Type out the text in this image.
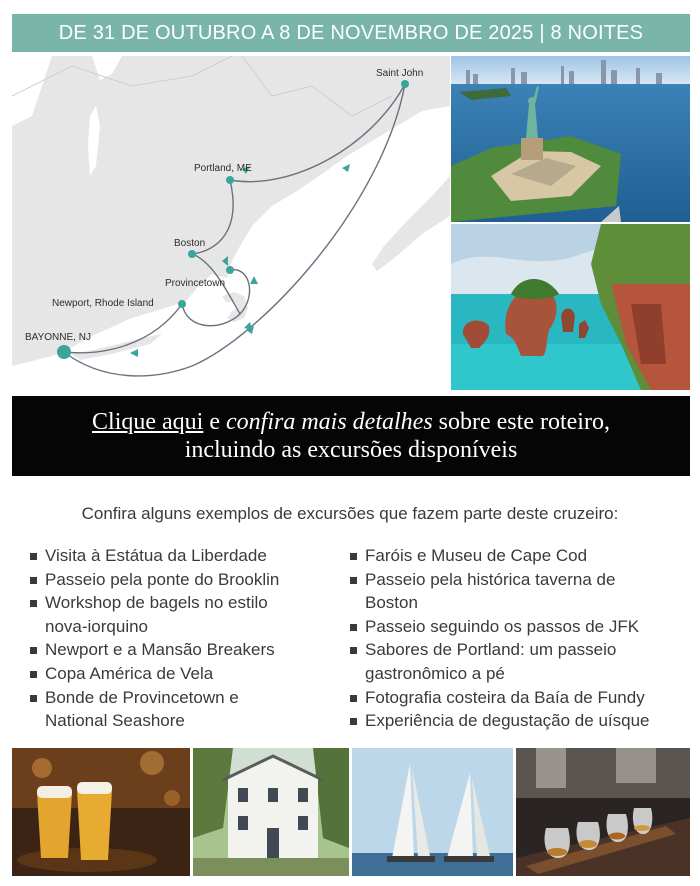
DE 31 DE OUTUBRO A 8 DE NOVEMBRO DE 2025 | 8 NOITES
Saint John
Portland, ME
Boston
Provincetown
Newport, Rhode Island
BAYONNE, NJ
Clique aqui e confira mais detalhes sobre este roteiro,
incluindo as excursões disponíveis
Confira alguns exemplos de excursões que fazem parte deste cruzeiro:
Visita à Estátua da Liberdade
Passeio pela ponte do Brooklin
Workshop de bagels no estilo nova-iorquino
Newport e a Mansão Breakers
Copa América de Vela
Bonde de Provincetown e National Seashore
Faróis e Museu de Cape Cod
Passeio pela histórica taverna de Boston
Passeio seguindo os passos de JFK
Sabores de Portland: um passeio gastronômico a pé
Fotografia costeira da Baía de Fundy
Experiência de degustação de uísque
